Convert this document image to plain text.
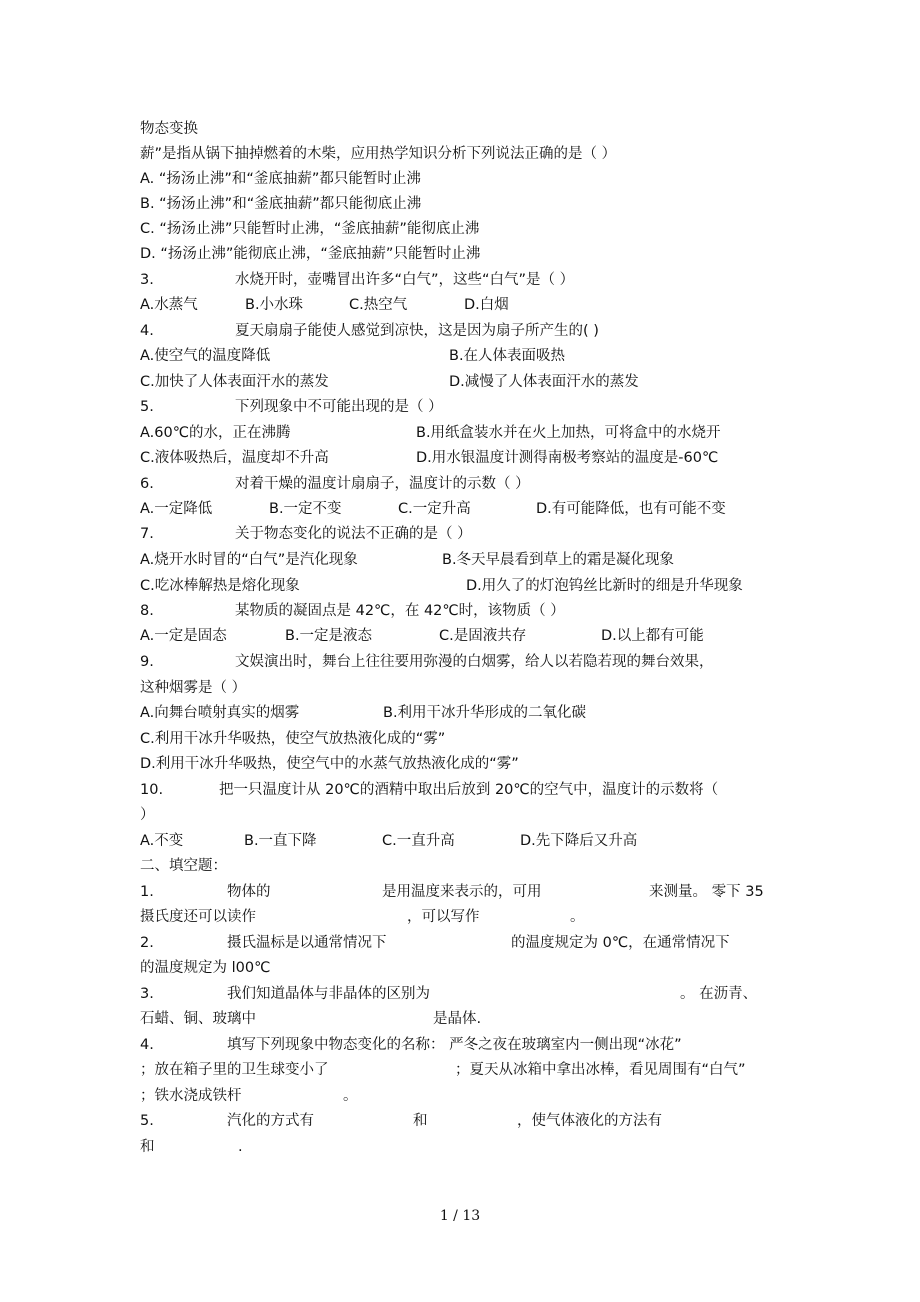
物态变换
薪”是指从锅下抽掉燃着的木柴，应用热学知识分析下列说法正确的是（ ）
A. “扬汤止沸”和“釜底抽薪”都只能暂时止沸
B. “扬汤止沸”和“釜底抽薪”都只能彻底止沸
C. “扬汤止沸”只能暂时止沸，“釜底抽薪”能彻底止沸
D. “扬汤止沸”能彻底止沸，“釜底抽薪”只能暂时止沸
3.	水烧开时，壶嘴冒出许多“白气”，这些“白气”是（ ）
A.水蒸气	B.小水珠	C.热空气	D.白烟
4.	夏天扇扇子能使人感觉到凉快，这是因为扇子所产生的( )
A.使空气的温度降低	B.在人体表面吸热
C.加快了人体表面汗水的蒸发	D.减慢了人体表面汗水的蒸发
5.	下列现象中不可能出现的是（ ）
A.60℃的水，正在沸腾	B.用纸盒装水并在火上加热，可将盒中的水烧开
C.液体吸热后，温度却不升高	D.用水银温度计测得南极考察站的温度是-60℃
6.	对着干燥的温度计扇扇子，温度计的示数（ ）
A.一定降低	B.一定不变	C.一定升高	D.有可能降低，也有可能不变
7.	关于物态变化的说法不正确的是（ ）
A.烧开水时冒的“白气”是汽化现象	B.冬天早晨看到草上的霜是凝化现象
C.吃冰棒解热是熔化现象	D.用久了的灯泡钨丝比新时的细是升华现象
8.	某物质的凝固点是 42℃，在 42℃时，该物质（ ）
A.一定是固态	B.一定是液态	C.是固液共存	D.以上都有可能
9.	文娱演出时，舞台上往往要用弥漫的白烟雾，给人以若隐若现的舞台效果，
这种烟雾是（ ）
A.向舞台喷射真实的烟雾	B.利用干冰升华形成的二氧化碳
C.利用干冰升华吸热，使空气放热液化成的“雾”
D.利用干冰升华吸热，使空气中的水蒸气放热液化成的“雾”
10.	把一只温度计从 20℃的酒精中取出后放到 20℃的空气中，温度计的示数将（
）
A.不变	B.一直下降	C.一直升高	D.先下降后又升高
二、填空题：
1.	物体的	是用温度来表示的，可用	来测量。 零下 35
摄氏度还可以读作	，可以写作	。
2.	摄氏温标是以通常情况下	的温度规定为 0℃，在通常情况下
的温度规定为 l00℃
3.	我们知道晶体与非晶体的区别为	。 在沥青、
石蜡、铜、玻璃中	是晶体.
4.	填写下列现象中物态变化的名称： 严冬之夜在玻璃室内一侧出现“冰花”
；放在箱子里的卫生球变小了	；夏天从冰箱中拿出冰棒，看见周围有“白气”
；铁水浇成铁杆	。
5.	汽化的方式有	和	，使气体液化的方法有
和	.
1 / 13
